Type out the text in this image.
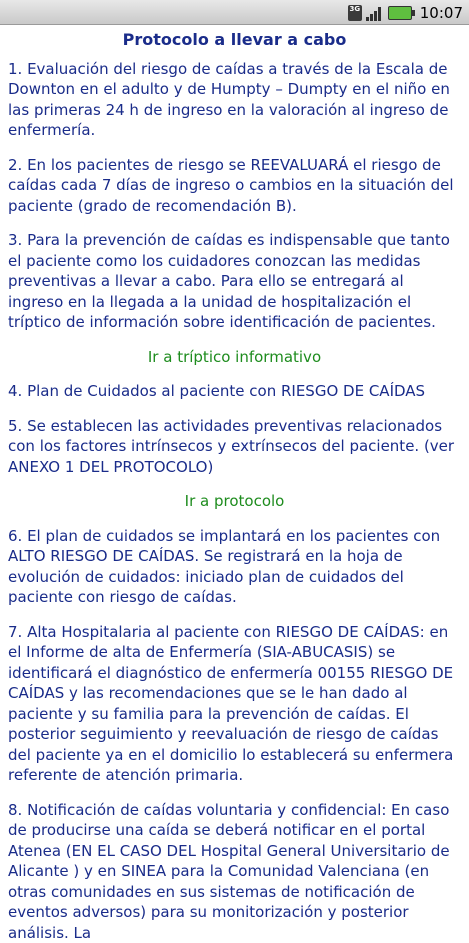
3G	10:07
Protocolo a llevar a cabo
1. Evaluación del riesgo de caídas a través de la Escala de Downton en el adulto y de Humpty – Dumpty en el niño en las primeras 24 h de ingreso en la valoración al ingreso de enfermería.
2. En los pacientes de riesgo se REEVALUARÁ el riesgo de caídas cada 7 días de ingreso o cambios en la situación del paciente (grado de recomendación B).
3. Para la prevención de caídas es indispensable que tanto el paciente como los cuidadores conozcan las medidas preventivas a llevar a cabo. Para ello se entregará al ingreso en la llegada a la unidad de hospitalización el tríptico de información sobre identificación de pacientes.
Ir a tríptico informativo
4. Plan de Cuidados al paciente con RIESGO DE CAÍDAS
5. Se establecen las actividades preventivas relacionados con los factores intrínsecos y extrínsecos del paciente. (ver ANEXO 1 DEL PROTOCOLO)
Ir a protocolo
6. El plan de cuidados se implantará en los pacientes con ALTO RIESGO DE CAÍDAS. Se registrará en la hoja de evolución de cuidados: iniciado plan de cuidados del paciente con riesgo de caídas.
7. Alta Hospitalaria al paciente con RIESGO DE CAÍDAS: en el Informe de alta de Enfermería (SIA-ABUCASIS) se identificará el diagnóstico de enfermería 00155 RIESGO DE CAÍDAS y las recomendaciones que se le han dado al paciente y su familia para la prevención de caídas. El posterior seguimiento y reevaluación de riesgo de caídas del paciente ya en el domicilio lo establecerá su enfermera referente de atención primaria.
8. Notificación de caídas voluntaria y confidencial: En caso de producirse una caída se deberá notificar en el portal Atenea (EN EL CASO DEL Hospital General Universitario de Alicante ) y en SINEA para la Comunidad Valenciana (en otras comunidades en sus sistemas de notificación de eventos adversos) para su monitorización y posterior análisis. La
